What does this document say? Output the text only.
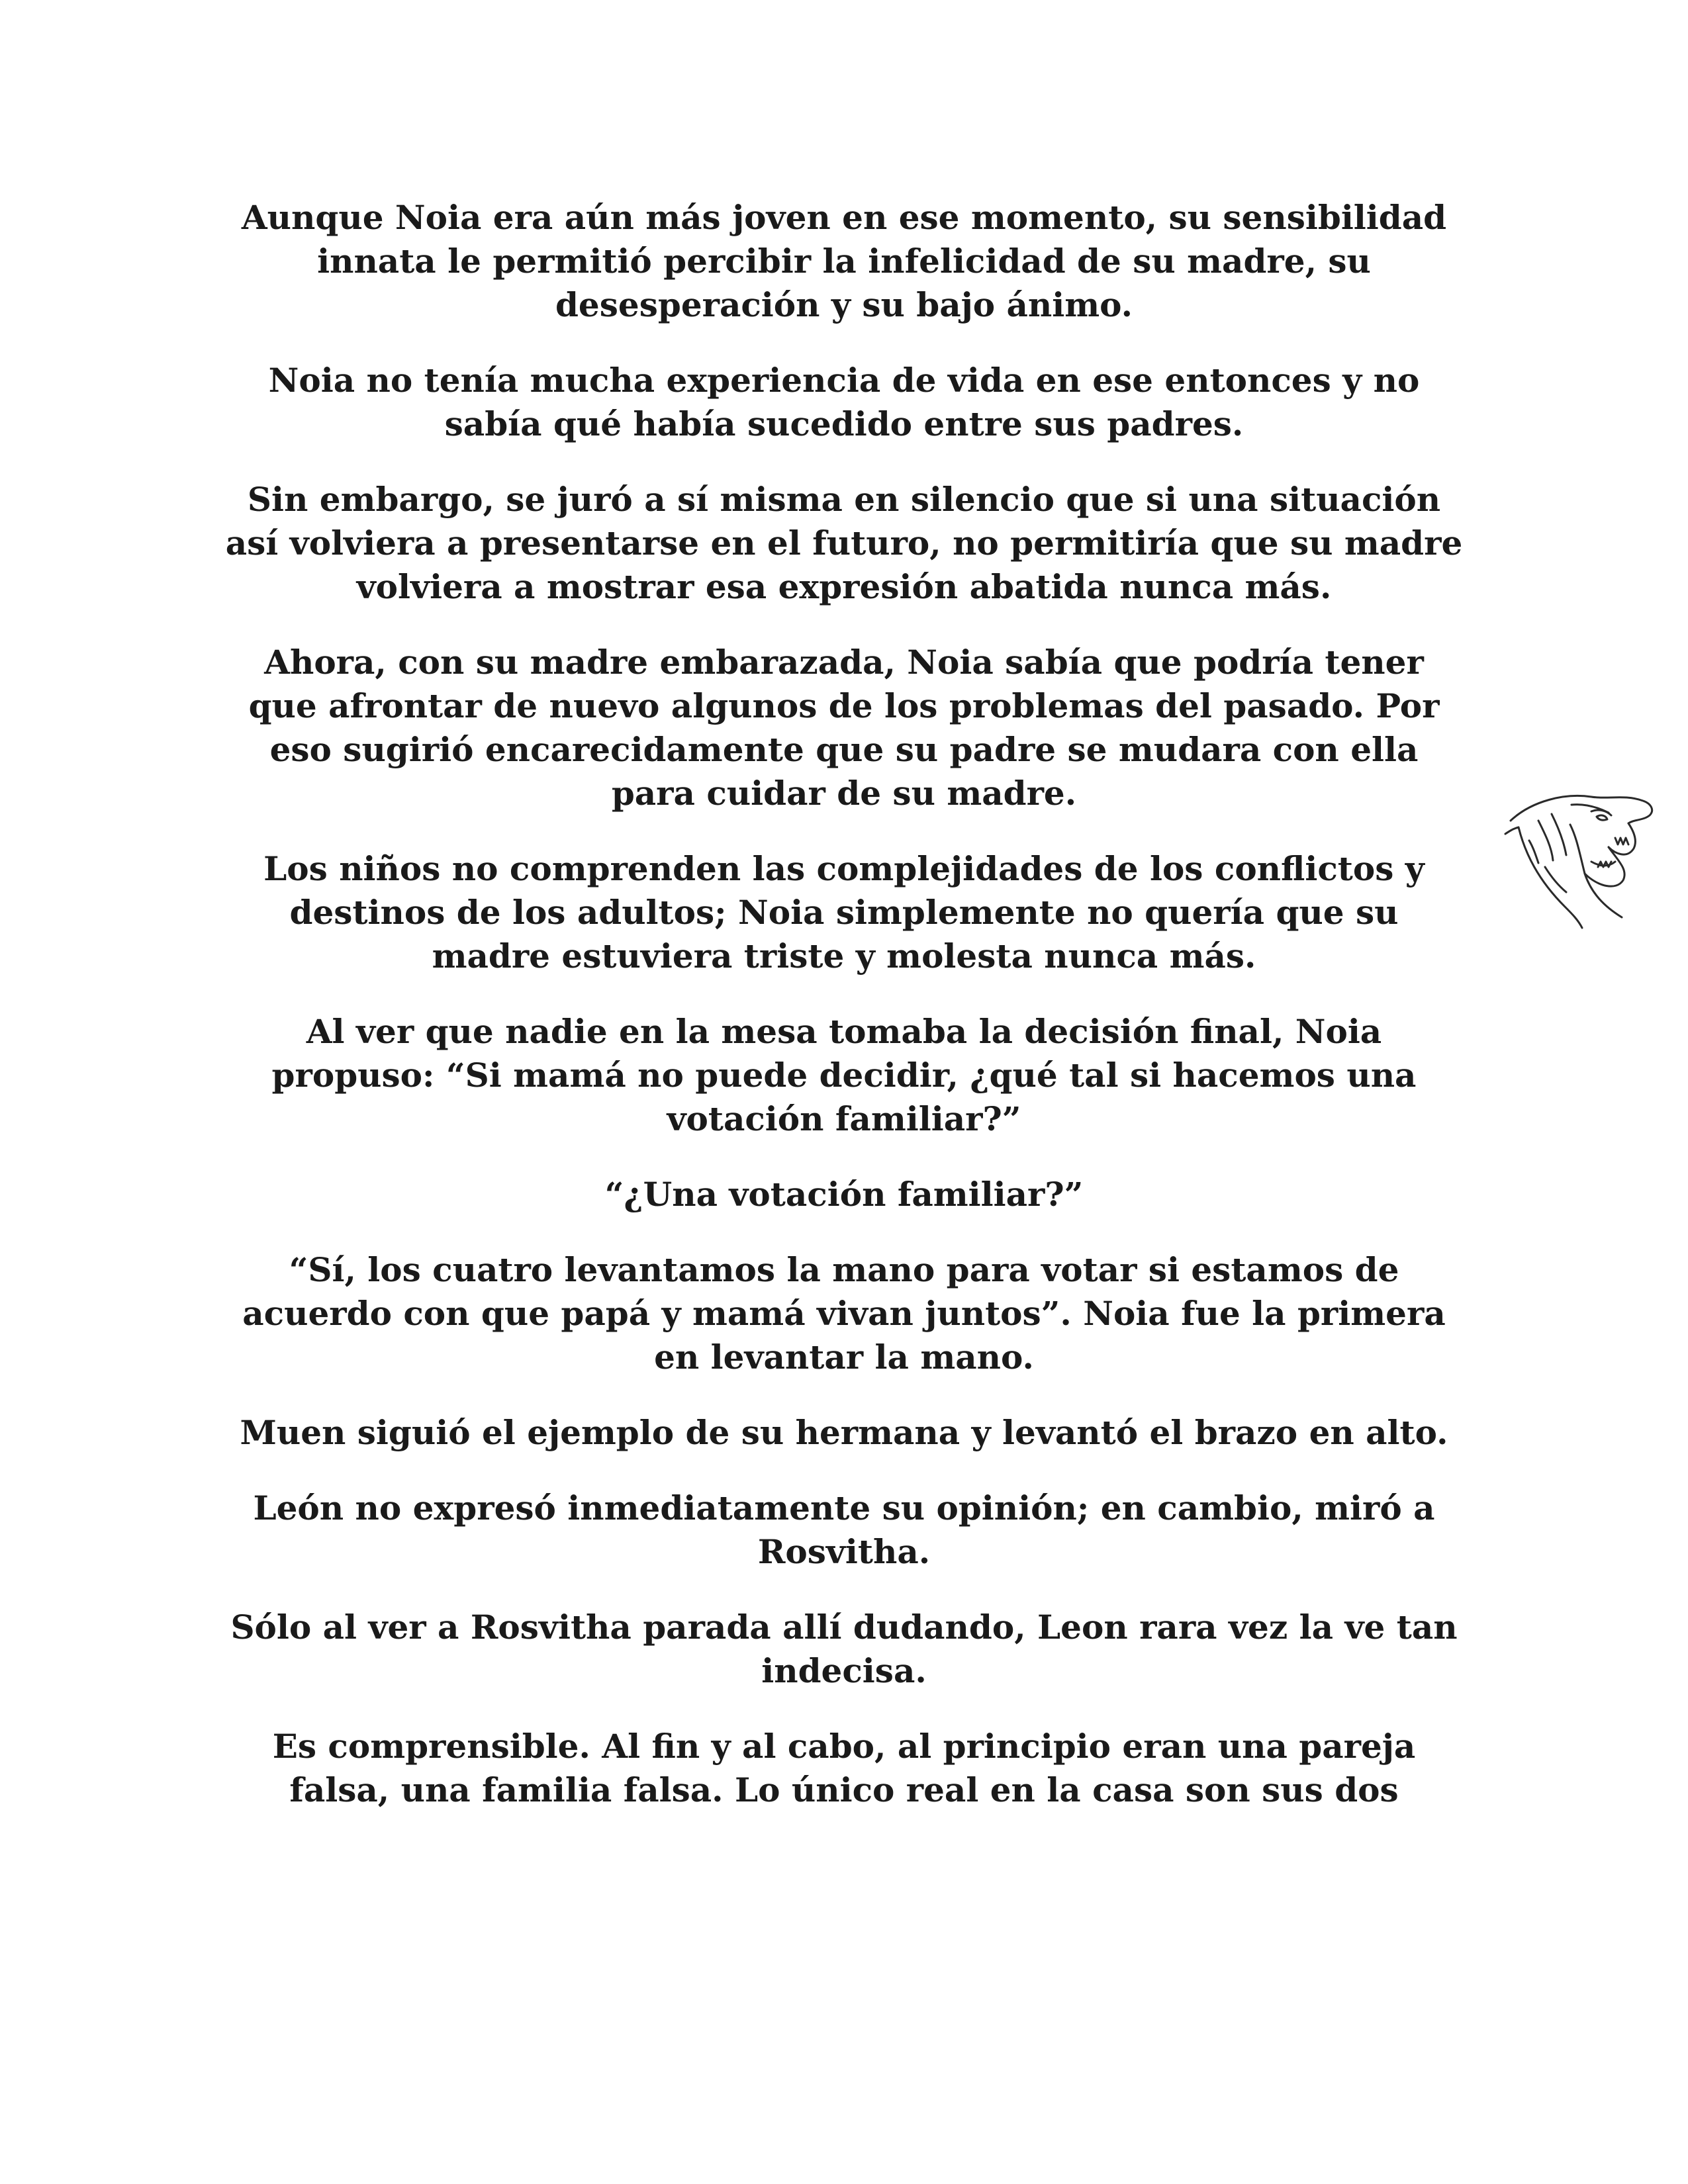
Aunque Noia era aún más joven en ese momento, su sensibilidad innata le permitió percibir la infelicidad de su madre, su desesperación y su bajo ánimo.

Noia no tenía mucha experiencia de vida en ese entonces y no sabía qué había sucedido entre sus padres.

Sin embargo, se juró a sí misma en silencio que si una situación así volviera a presentarse en el futuro, no permitiría que su madre volviera a mostrar esa expresión abatida nunca más.

Ahora, con su madre embarazada, Noia sabía que podría tener que afrontar de nuevo algunos de los problemas del pasado. Por eso sugirió encarecidamente que su padre se mudara con ella para cuidar de su madre.

Los niños no comprenden las complejidades de los conflictos y destinos de los adultos; Noia simplemente no quería que su madre estuviera triste y molesta nunca más.

Al ver que nadie en la mesa tomaba la decisión final, Noia propuso: “Si mamá no puede decidir, ¿qué tal si hacemos una votación familiar?”

“¿Una votación familiar?”

“Sí, los cuatro levantamos la mano para votar si estamos de acuerdo con que papá y mamá vivan juntos”. Noia fue la primera en levantar la mano.

Muen siguió el ejemplo de su hermana y levantó el brazo en alto.

León no expresó inmediatamente su opinión; en cambio, miró a Rosvitha.

Sólo al ver a Rosvitha parada allí dudando, Leon rara vez la ve tan indecisa.

Es comprensible. Al fin y al cabo, al principio eran una pareja falsa, una familia falsa. Lo único real en la casa son sus dos
